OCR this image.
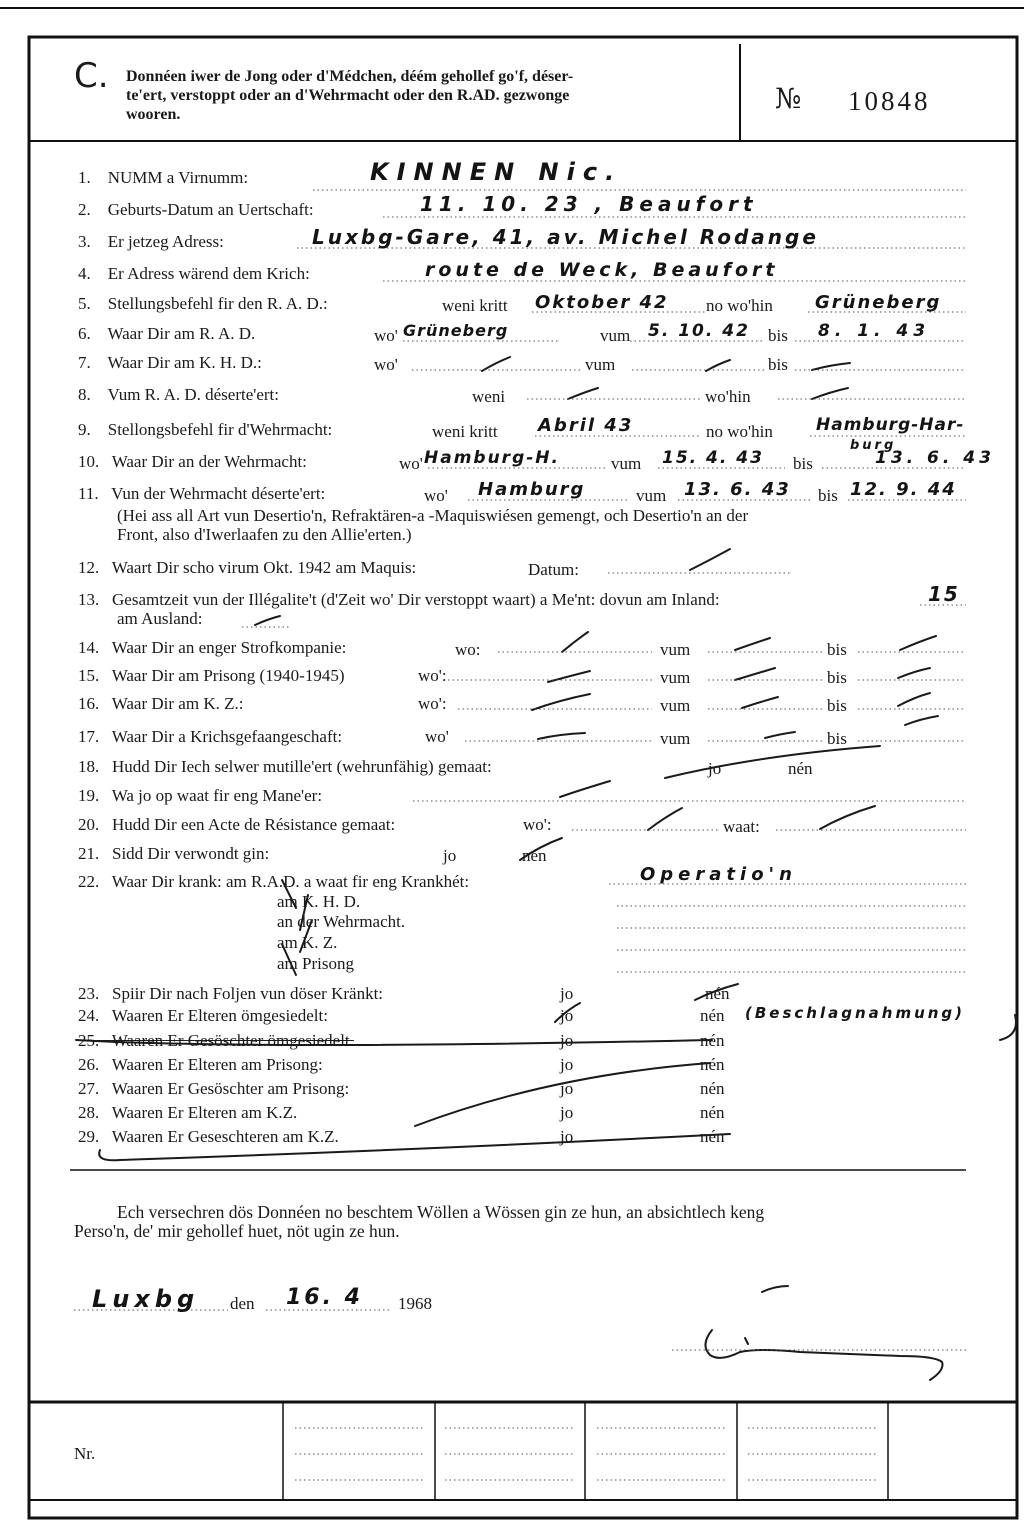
C. Donnéen iwer de Jong oder d'Médchen, déém gehollef go'f, déser-
te'ert, verstoppt oder an d'Wehrmacht oder den R.AD. gezwonge
wooren.	№ 10848
1. NUMM a Virnumm:	KINNEN Nic.
2. Geburts-Datum an Uertschaft:	11. 10. 23 , Beaufort
3. Er jetzeg Adress:	Luxbg-Gare, 41, av. Michel Rodange
4. Er Adress wärend dem Krich:	route de Weck, Beaufort
5. Stellungsbefehl fir den R. A. D.:	weni kritt Oktober 42 no wo'hin Grüneberg
6. Waar Dir am R. A. D.	wo' Grüneberg	vum 5. 10. 42 bis 8. 1. 43
7. Waar Dir am K. H. D.:	wo'	vum	bis
8. Vum R. A. D. déserte'ert:	weni	wo'hin
9. Stellongsbefehl fir d'Wehrmacht:	weni kritt Abril 43	no wo'hin	Hamburg-Har-
burg
10. Waar Dir an der Wehrmacht:	wo' Hamburg-H.	vum 15. 4. 43 bis	13. 6. 43
11. Vun der Wehrmacht déserte'ert:	wo' Hamburg	vum 13. 6. 43 bis 12. 9. 44
(Hei ass all Art vun Desertio'n, Refraktären-a -Maquiswiésen gemengt, och Desertio'n an der
Front, also d'Iwerlaafen zu den Allie'erten.)
12. Waart Dir scho virum Okt. 1942 am Maquis:	Datum:
13. Gesamtzeit vun der Illégalite't (d'Zeit wo' Dir verstoppt waart) a Me'nt: dovun am Inland:	15
am Ausland:
14. Waar Dir an enger Strofkompanie:	wo:	vum	bis
15. Waar Dir am Prisong (1940-1945)	wo':	vum	bis
16. Waar Dir am K. Z.:	wo':	vum	bis
17. Waar Dir a Krichsgefaangeschaft:	wo'	vum	bis
18. Hudd Dir Iech selwer mutille'ert (wehrunfähig) gemaat:	jo	nén
19. Wa jo op waat fir eng Mane'er:
20. Hudd Dir een Acte de Résistance gemaat:	wo':	waat:
21. Sidd Dir verwondt gin:	jo	nén
22. Waar Dir krank: am R.A.D. a waat fir eng Krankhét:	Operatio'n
am K. H. D.
an der Wehrmacht.
am K. Z.
am Prisong
23. Spiir Dir nach Foljen vun döser Kränkt:	jo	nén
24. Waaren Er Elteren ömgesiedelt:	jo	nén (Beschlagnahmung)
25. Waaren Er Gesöschter ömgesiedelt.	jo	nén
26. Waaren Er Elteren am Prisong:	jo	nén
27. Waaren Er Gesöschter am Prisong:	jo	nén
28. Waaren Er Elteren am K.Z.	jo	nén
29. Waaren Er Geseschteren am K.Z.	jo	nén
Ech versechren dös Donnéen no beschtem Wöllen a Wössen gin ze hun, an absichtlech keng
Perso'n, de' mir gehollef huet, nöt ugin ze hun.
Luxbg den 16. 4 1968
Nr.
